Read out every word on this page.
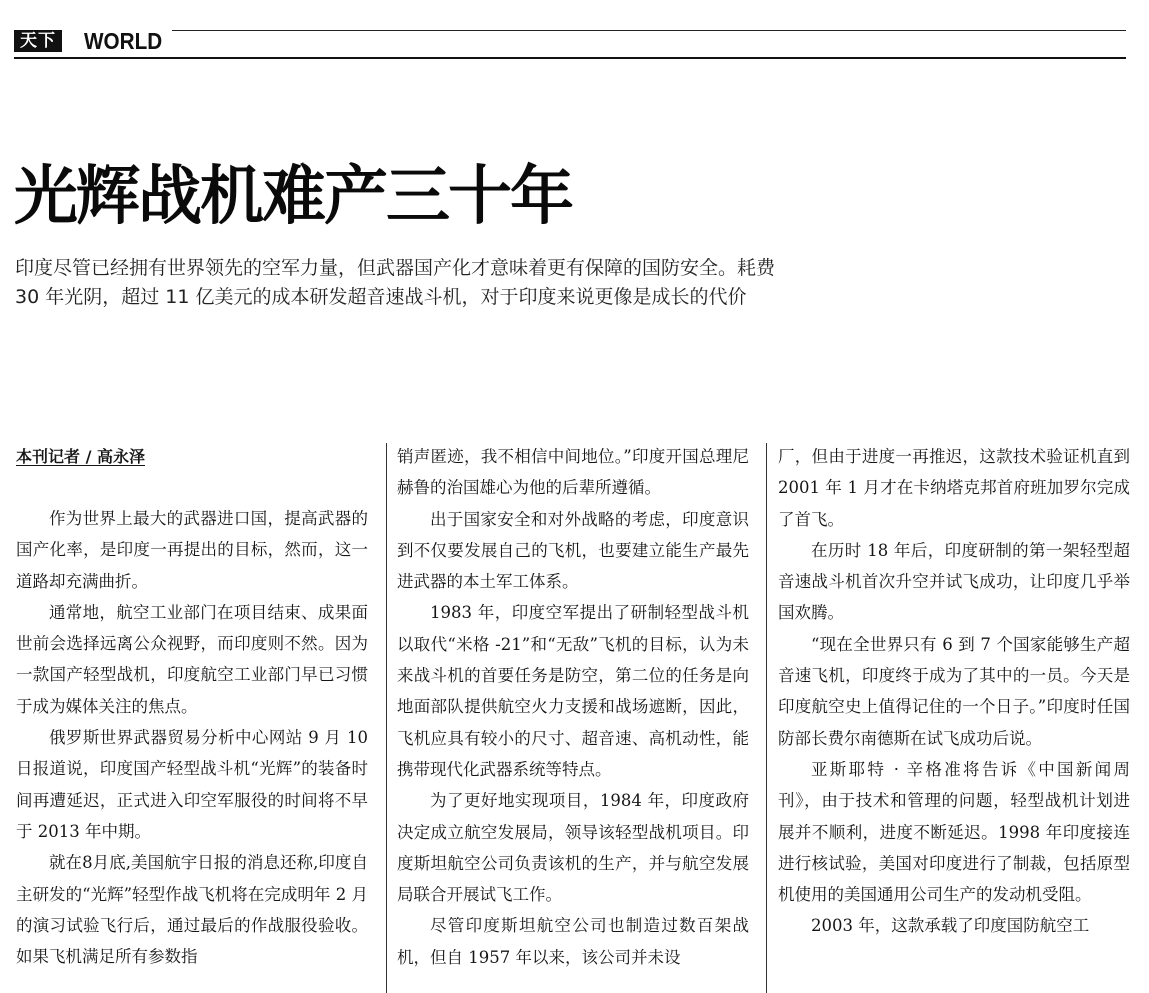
天下 WORLD
光辉战机难产三十年

印度尽管已经拥有世界领先的空军力量，但武器国产化才意味着更有保障的国防安全。耗费

30 年光阴，超过 11 亿美元的成本研发超音速战斗机，对于印度来说更像是成长的代价

本刊记者 / 高永泽

作为世界上最大的武器进口国，提高武器的国产化率，是印度一再提出的目标，然而，这一道路却充满曲折。

通常地，航空工业部门在项目结束、成果面世前会选择远离公众视野，而印度则不然。因为一款国产轻型战机，印度航空工业部门早已习惯于成为媒体关注的焦点。

俄罗斯世界武器贸易分析中心网站 9 月 10 日报道说，印度国产轻型战斗机“光辉”的装备时间再遭延迟，正式进入印空军服役的时间将不早于 2013 年中期。

就在8月底,美国航宇日报的消息还称,印度自主研发的“光辉”轻型作战飞机将在完成明年 2 月的演习试验飞行后，通过最后的作战服役验收。如果飞机满足所有参数指

销声匿迹，我不相信中间地位。”印度开国总理尼赫鲁的治国雄心为他的后辈所遵循。

出于国家安全和对外战略的考虑，印度意识到不仅要发展自己的飞机，也要建立能生产最先进武器的本土军工体系。

1983 年，印度空军提出了研制轻型战斗机以取代“米格 -21”和“无敌”飞机的目标，认为未来战斗机的首要任务是防空，第二位的任务是向地面部队提供航空火力支援和战场遮断，因此，飞机应具有较小的尺寸、超音速、高机动性，能携带现代化武器系统等特点。

为了更好地实现项目，1984 年，印度政府决定成立航空发展局，领导该轻型战机项目。印度斯坦航空公司负责该机的生产，并与航空发展局联合开展试飞工作。

尽管印度斯坦航空公司也制造过数百架战机，但自 1957 年以来，该公司并未设

厂，但由于进度一再推迟，这款技术验证机直到 2001 年 1 月才在卡纳塔克邦首府班加罗尔完成了首飞。

在历时 18 年后，印度研制的第一架轻型超音速战斗机首次升空并试飞成功，让印度几乎举国欢腾。

“现在全世界只有 6 到 7 个国家能够生产超音速飞机，印度终于成为了其中的一员。今天是印度航空史上值得记住的一个日子。”印度时任国防部长费尔南德斯在试飞成功后说。

亚斯耶特 · 辛格准将告诉《中国新闻周刊》，由于技术和管理的问题，轻型战机计划进展并不顺利，进度不断延迟。1998 年印度接连进行核试验，美国对印度进行了制裁，包括原型机使用的美国通用公司生产的发动机受阻。

2003 年，这款承载了印度国防航空工
